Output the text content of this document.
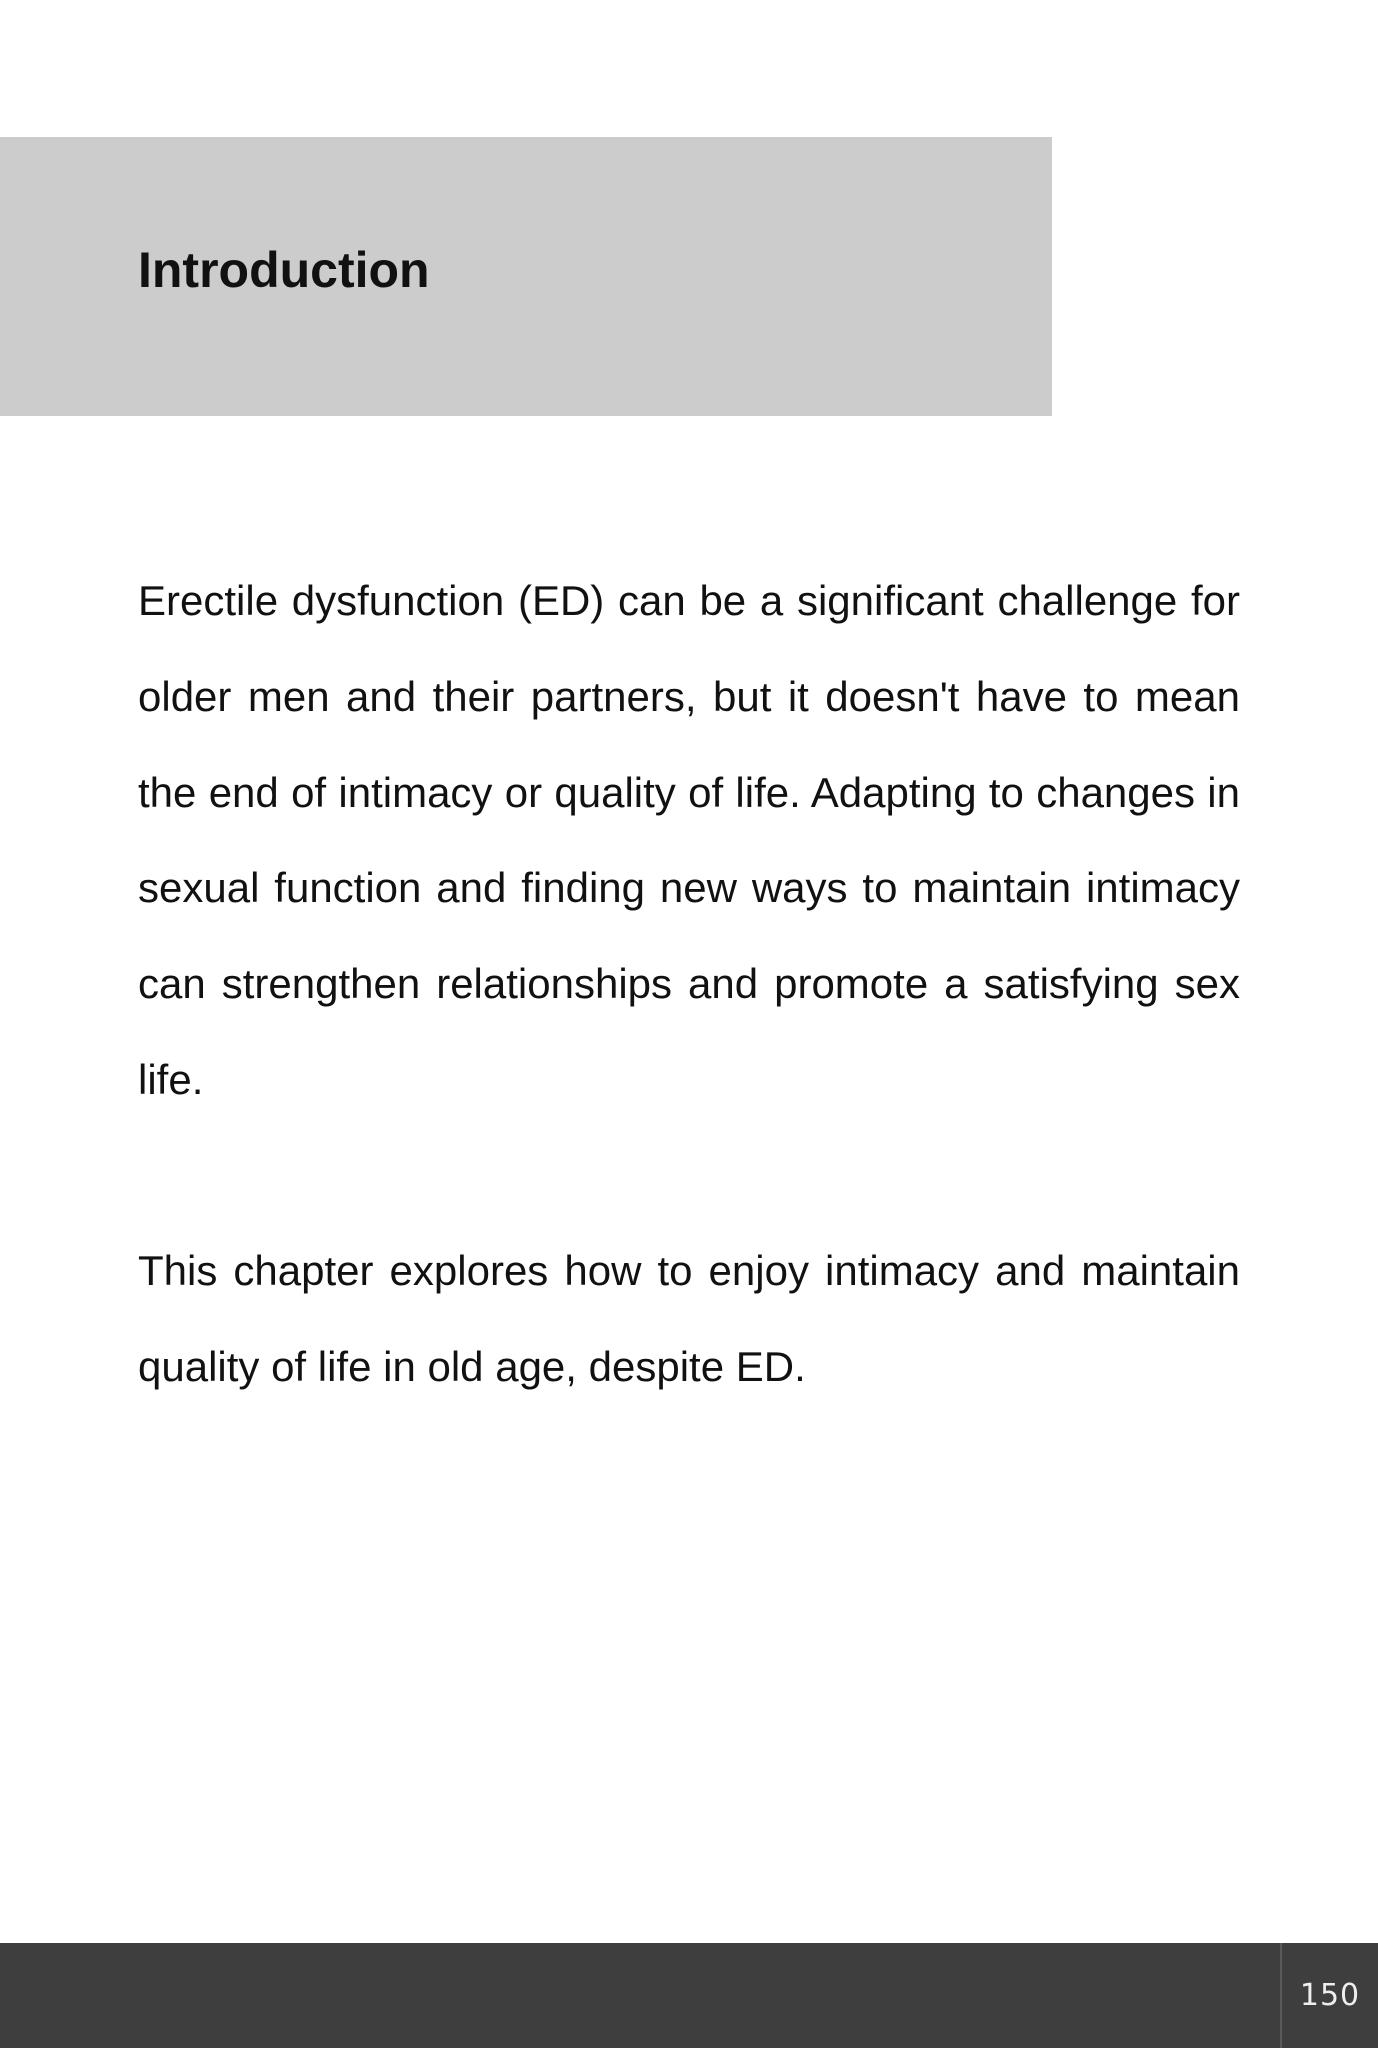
Introduction

Erectile dysfunction (ED) can be a significant challenge for older men and their partners, but it doesn't have to mean the end of intimacy or quality of life. Adapting to changes in sexual function and finding new ways to maintain intimacy can strengthen relationships and promote a satisfying sex life.

This chapter explores how to enjoy intimacy and maintain quality of life in old age, despite ED.

150
